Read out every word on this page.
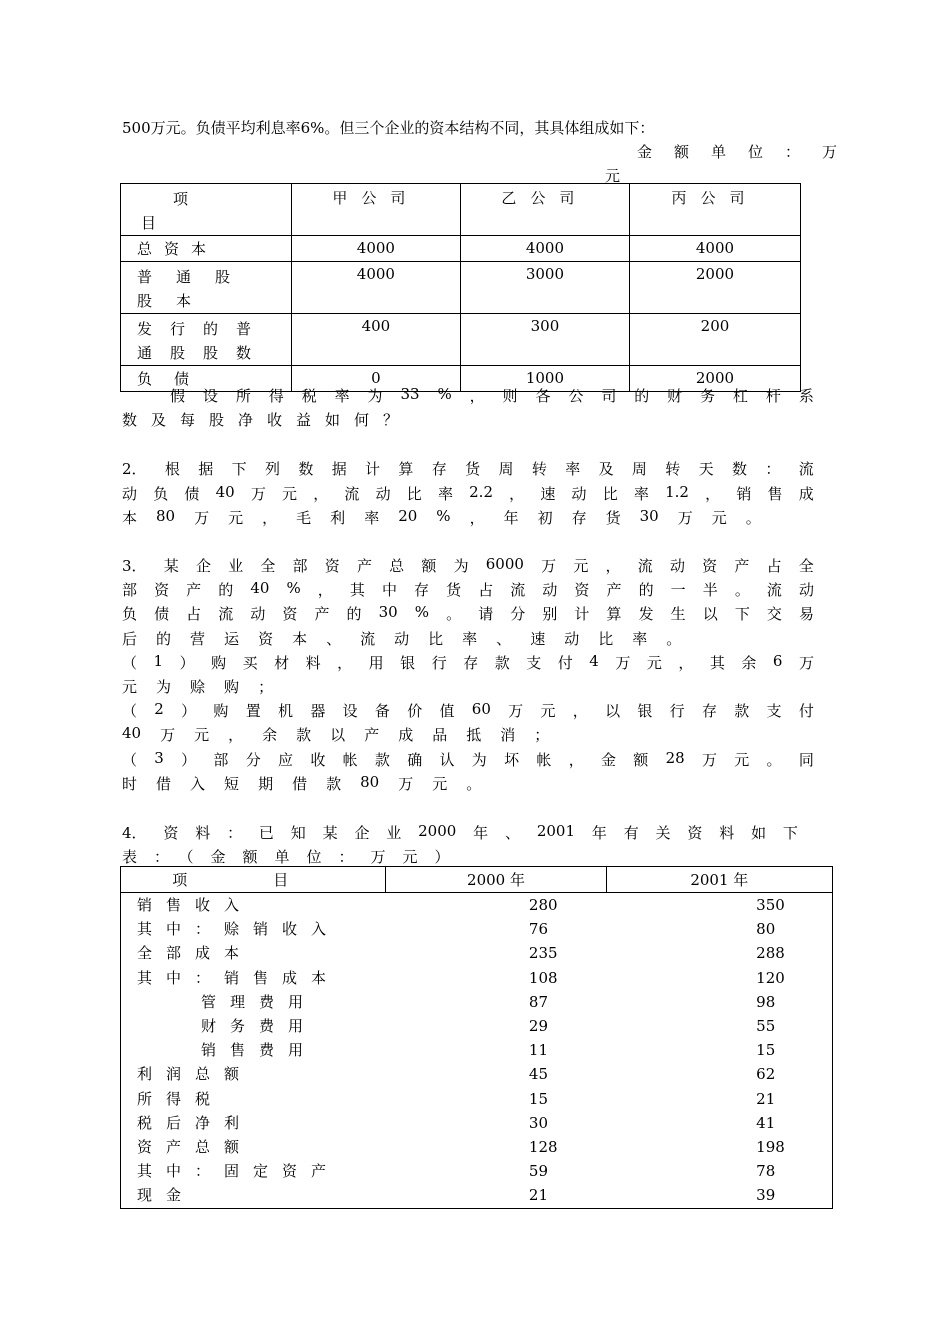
500万元。负债平均利息率6%。但三个企业的资本结构不同，其具体组成如下：
金额单位：万
元
项
目	甲公司	乙公司	丙公司

总资本	4000	4000	4000

普通股股本	4000	3000	2000

发行的普通股股数	400	300	200

负债	0	1000	2000
假 设 所 得 税 率 为 33 % ， 则 各 公 司 的 财 务 杠 杆 系
数及每股净收益如何？
2． 根 据 下 列 数 据 计 算 存 货 周 转 率 及 周 转 天 数 ： 流
动 负 债 40 万 元 ， 流 动 比 率 2.2 ， 速 动 比 率 1.2 ， 销 售 成
本 80 万 元 ， 毛 利 率 20 % ， 年 初 存 货 30 万 元 。
3． 某 企 业 全 部 资 产 总 额 为 6000 万 元 ， 流 动 资 产 占 全
部 资 产 的 40 % ， 其 中 存 货 占 流 动 资 产 的 一 半 。 流 动
负 债 占 流 动 资 产 的 30 % 。 请 分 别 计 算 发 生 以 下 交 易
后 的 营 运 资 本 、 流 动 比 率 、 速 动 比 率 。
（ 1 ） 购 买 材 料 ， 用 银 行 存 款 支 付 4 万 元 ， 其 余 6 万
元 为 赊 购 ；
（ 2 ） 购 置 机 器 设 备 价 值 60 万 元 ， 以 银 行 存 款 支 付
40 万 元 ， 余 款 以 产 成 品 抵 消 ；
（ 3 ） 部 分 应 收 帐 款 确 认 为 坏 帐 ， 金 额 28 万 元 。 同
时 借 入 短 期 借 款 80 万 元 。
4． 资 料 ： 已 知 某 企 业 2000 年 、 2001 年 有 关 资 料 如 下
表：（金额单位：万元）
项目	2000 年	2001 年
销售收入	280	350
其中：赊销收入	76	80
全部成本	235	288
其中：销售成本	108	120
管理费用	87	98
财务费用	29	55
销售费用	11	15
利润总额	45	62
所得税	15	21
税后净利	30	41
资产总额	128	198
其中：固定资产	59	78
现金	21	39
